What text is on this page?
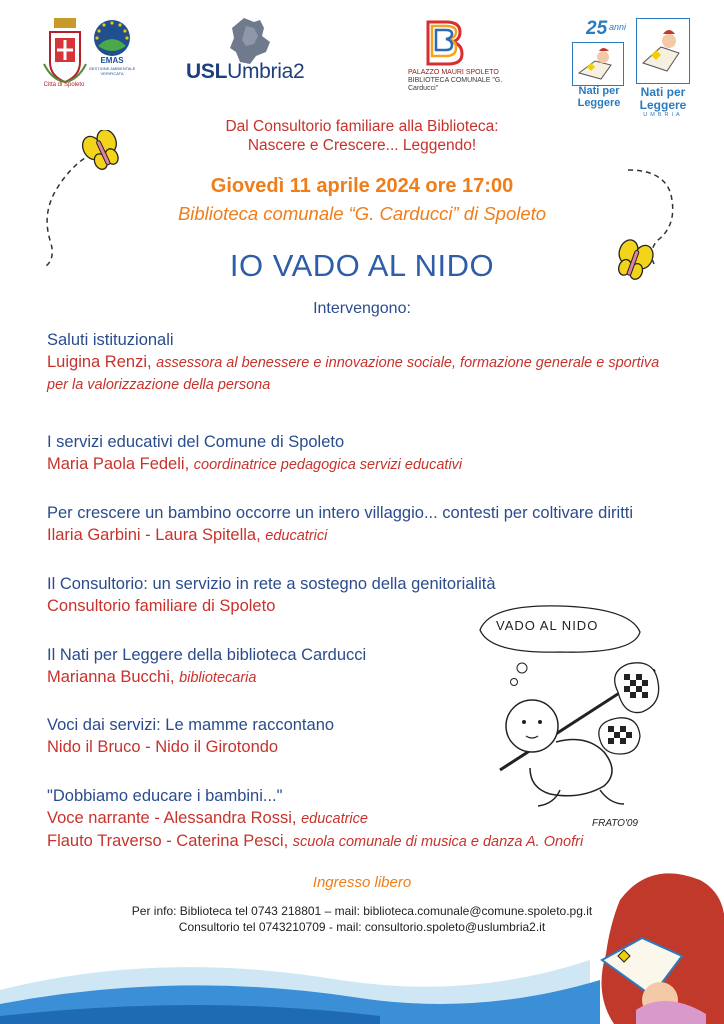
Città di Spoleto
EMAS
GESTIONE AMBIENTALE VERIFICATA	USLUmbria2	PALAZZO MAURI SPOLETO
BIBLIOTECA COMUNALE "G. Carducci"
25 anni
Nati per Leggere
Nati per Leggere
UMBRIA
Dal Consultorio familiare alla Biblioteca:
Nascere e Crescere... Leggendo!
Giovedì 11 aprile 2024 ore 17:00
Biblioteca comunale “G. Carducci” di Spoleto
IO VADO AL NIDO
Intervengono:
Saluti istituzionali
Luigina Renzi, assessora al benessere e innovazione sociale, formazione generale e sportiva
per la valorizzazione della persona
I servizi educativi del Comune di Spoleto
Maria Paola Fedeli, coordinatrice pedagogica servizi educativi
Per crescere un bambino occorre un intero villaggio... contesti per coltivare diritti
Ilaria Garbini - Laura Spitella, educatrici
Il Consultorio: un servizio in rete a sostegno della genitorialità
Consultorio familiare di Spoleto
Il Nati per Leggere della biblioteca Carducci
Marianna Bucchi, bibliotecaria
Voci dai servizi: Le mamme raccontano
Nido il Bruco - Nido il Girotondo
"Dobbiamo educare i bambini..."
Voce narrante - Alessandra Rossi, educatrice
Flauto Traverso - Caterina Pesci, scuola comunale di musica e danza A. Onofri
VADO AL NIDO
FRATO'09
Ingresso libero
Per info: Biblioteca tel 0743 218801 – mail: biblioteca.comunale@comune.spoleto.pg.it
Consultorio tel 0743210709 - mail: consultorio.spoleto@uslumbria2.it
